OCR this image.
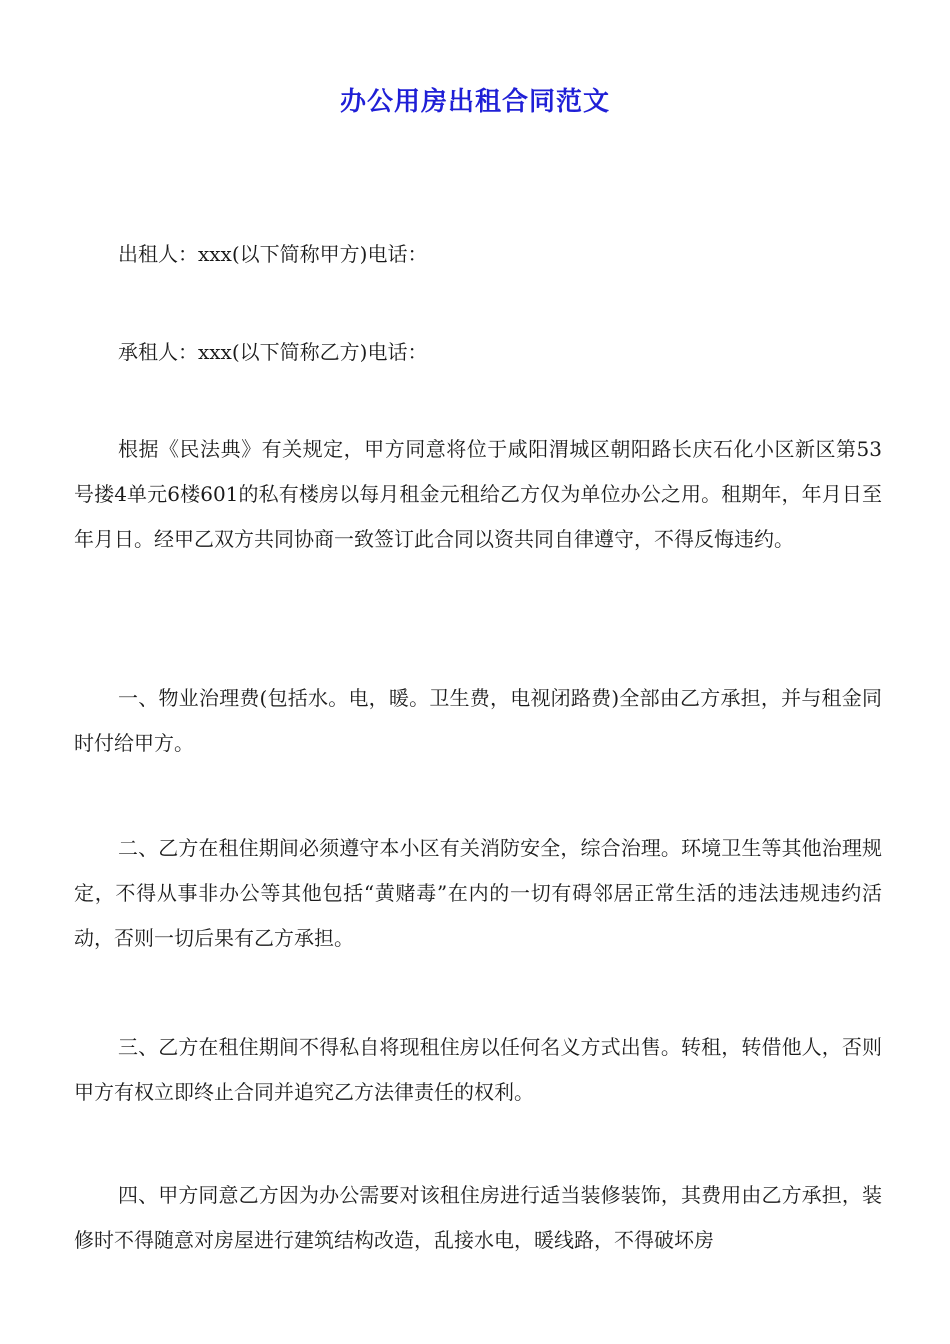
办公用房出租合同范文

出租人：xxx(以下简称甲方)电话：

承租人：xxx(以下简称乙方)电话：

根据《民法典》有关规定，甲方同意将位于咸阳渭城区朝阳路长庆石化小区新区第53号搂4单元6楼601的私有楼房以每月租金元租给乙方仅为单位办公之用。租期年，年月日至年月日。经甲乙双方共同协商一致签订此合同以资共同自律遵守，不得反悔违约。

一、物业治理费(包括水。电，暖。卫生费，电视闭路费)全部由乙方承担，并与租金同时付给甲方。

二、乙方在租住期间必须遵守本小区有关消防安全，综合治理。环境卫生等其他治理规定，不得从事非办公等其他包括“黄赌毒”在内的一切有碍邻居正常生活的违法违规违约活动，否则一切后果有乙方承担。

三、乙方在租住期间不得私自将现租住房以任何名义方式出售。转租，转借他人，否则甲方有权立即终止合同并追究乙方法律责任的权利。

四、甲方同意乙方因为办公需要对该租住房进行适当装修装饰，其费用由乙方承担，装修时不得随意对房屋进行建筑结构改造，乱接水电，暖线路，不得破坏房
